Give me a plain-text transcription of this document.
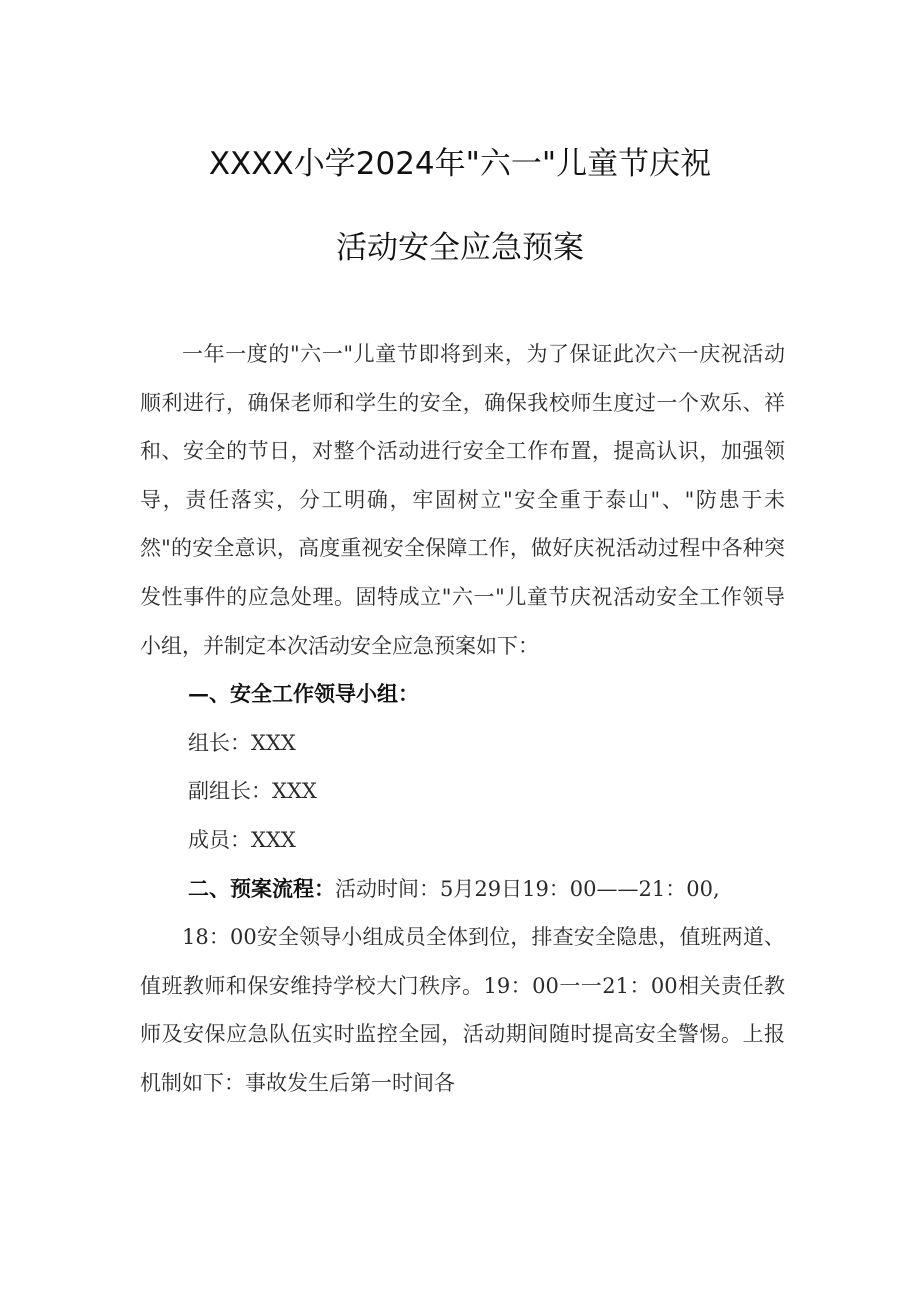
XXXX小学2024年"六一"儿童节庆祝
活动安全应急预案

一年一度的"六一"儿童节即将到来，为了保证此次六一庆祝活动顺利进行，确保老师和学生的安全，确保我校师生度过一个欢乐、祥和、安全的节日，对整个活动进行安全工作布置，提高认识，加强领导，责任落实，分工明确，牢固树立"安全重于泰山"、"防患于未然"的安全意识，高度重视安全保障工作，做好庆祝活动过程中各种突发性事件的应急处理。固特成立"六一"儿童节庆祝活动安全工作领导小组，并制定本次活动安全应急预案如下：

—、安全工作领导小组：
组长：XXX
副组长：XXX
成员：XXX
二、预案流程：活动时间：5月29日19：00——21：00,

18：00安全领导小组成员全体到位，排查安全隐患，值班两道、值班教师和保安维持学校大门秩序。19：00一一21：00相关责任教师及安保应急队伍实时监控全园，活动期间随时提高安全警惕。上报机制如下：事故发生后第一时间各
